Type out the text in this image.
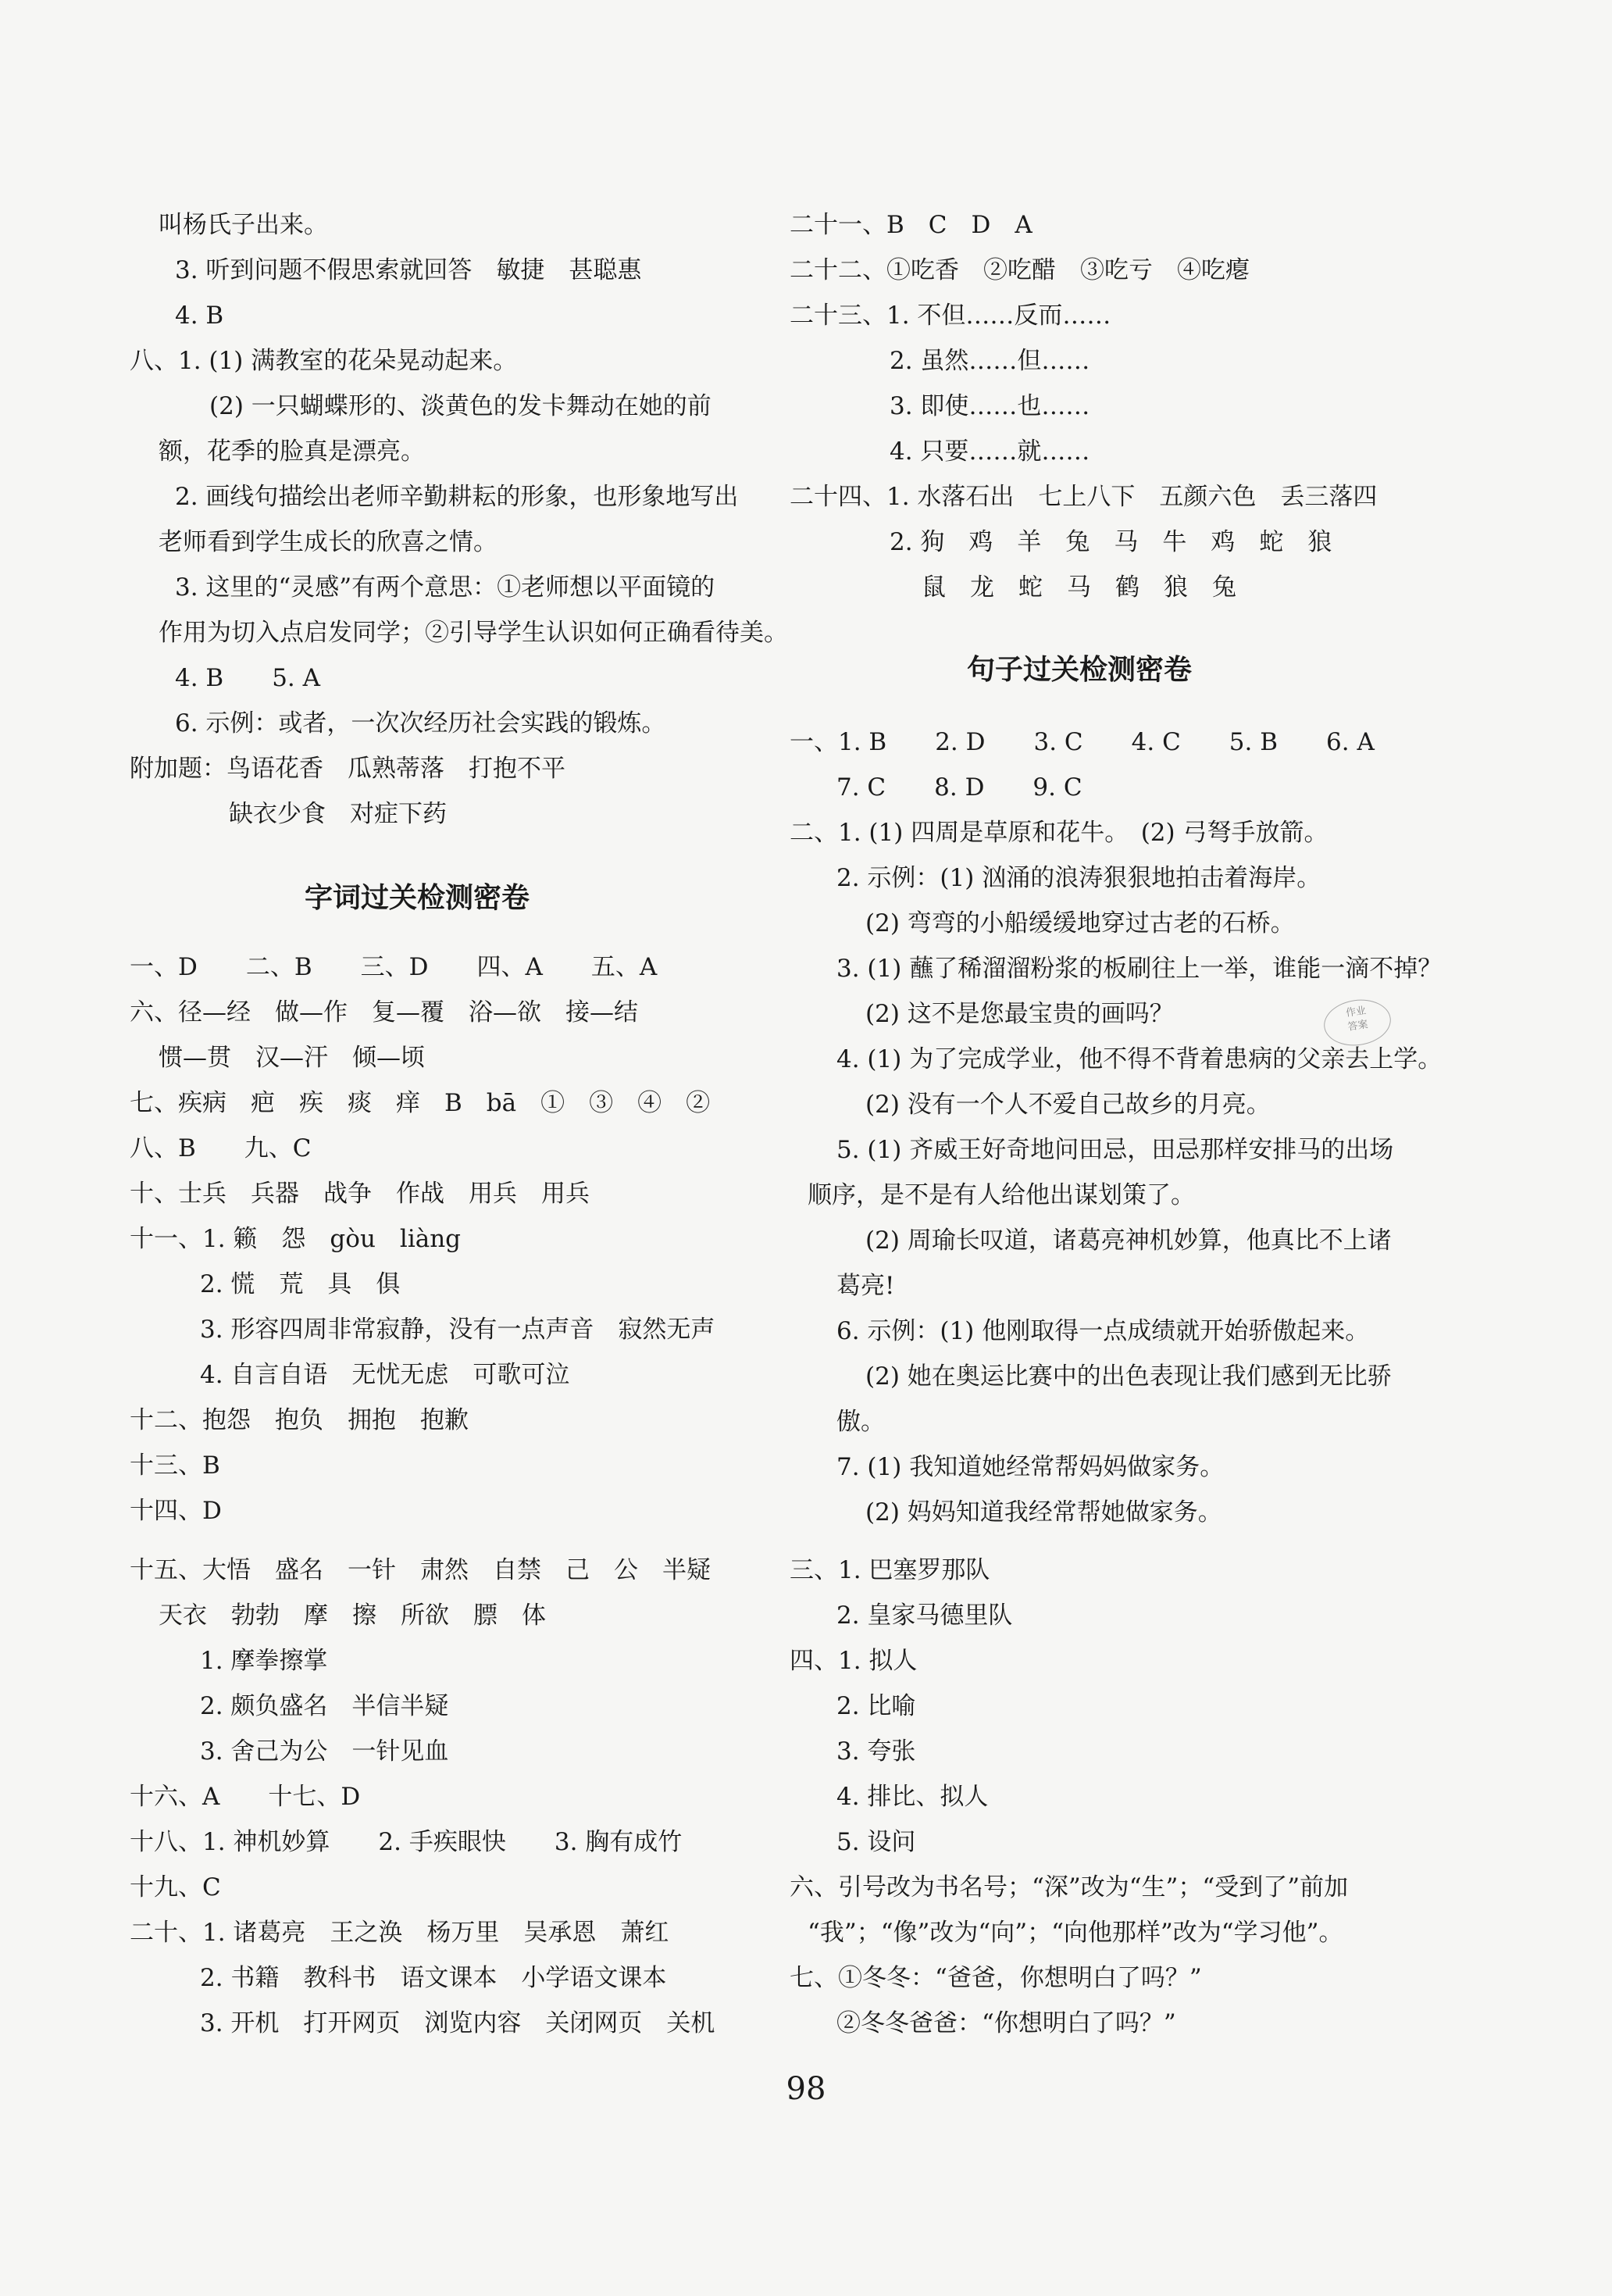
叫杨氏子出来。
3. 听到问题不假思索就回答　敏捷　甚聪惠
4. B
八、1. (1) 满教室的花朵晃动起来。
(2) 一只蝴蝶形的、淡黄色的发卡舞动在她的前
额，花季的脸真是漂亮。
2. 画线句描绘出老师辛勤耕耘的形象，也形象地写出
老师看到学生成长的欣喜之情。
3. 这里的“灵感”有两个意思：①老师想以平面镜的
作用为切入点启发同学；②引导学生认识如何正确看待美。
4. B　　5. A
6. 示例：或者，一次次经历社会实践的锻炼。
附加题：鸟语花香　瓜熟蒂落　打抱不平
缺衣少食　对症下药
字词过关检测密卷
一、D　　二、B　　三、D　　四、A　　五、A
六、径—经　做—作　复—覆　浴—欲　接—结
惯—贯　汉—汗　倾—顷
七、疾病　疤　疾　痰　痒　B　bā　①　③　④　②
八、B　　九、C
十、士兵　兵器　战争　作战　用兵　用兵
十一、1. 籁　怨　gòu　liàng
2. 慌　荒　具　俱
3. 形容四周非常寂静，没有一点声音　寂然无声
4. 自言自语　无忧无虑　可歌可泣
十二、抱怨　抱负　拥抱　抱歉
十三、B
十四、D
十五、大悟　盛名　一针　肃然　自禁　己　公　半疑
天衣　勃勃　摩　擦　所欲　膘　体
1. 摩拳擦掌
2. 颇负盛名　半信半疑
3. 舍己为公　一针见血
十六、A　　十七、D
十八、1. 神机妙算　　2. 手疾眼快　　3. 胸有成竹
十九、C
二十、1. 诸葛亮　王之涣　杨万里　吴承恩　萧红
2. 书籍　教科书　语文课本　小学语文课本
3. 开机　打开网页　浏览内容　关闭网页　关机
二十一、B　C　D　A
二十二、①吃香　②吃醋　③吃亏　④吃瘪
二十三、1. 不但……反而……
2. 虽然……但……
3. 即使……也……
4. 只要……就……
二十四、1. 水落石出　七上八下　五颜六色　丢三落四
2. 狗　鸡　羊　兔　马　牛　鸡　蛇　狼
鼠　龙　蛇　马　鹤　狼　兔
句子过关检测密卷
一、1. B　　2. D　　3. C　　4. C　　5. B　　6. A
7. C　　8. D　　9. C
二、1. (1) 四周是草原和花牛。　(2) 弓弩手放箭。
2. 示例：(1) 汹涌的浪涛狠狠地拍击着海岸。
(2) 弯弯的小船缓缓地穿过古老的石桥。
3. (1) 蘸了稀溜溜粉浆的板刷往上一举，谁能一滴不掉？
(2) 这不是您最宝贵的画吗？
4. (1) 为了完成学业，他不得不背着患病的父亲去上学。
(2) 没有一个人不爱自己故乡的月亮。
5. (1) 齐威王好奇地问田忌，田忌那样安排马的出场
顺序，是不是有人给他出谋划策了。
(2) 周瑜长叹道，诸葛亮神机妙算，他真比不上诸
葛亮!
6. 示例：(1) 他刚取得一点成绩就开始骄傲起来。
(2) 她在奥运比赛中的出色表现让我们感到无比骄
傲。
7. (1) 我知道她经常帮妈妈做家务。
(2) 妈妈知道我经常帮她做家务。
三、1. 巴塞罗那队
2. 皇家马德里队
四、1. 拟人
2. 比喻
3. 夸张
4. 排比、拟人
5. 设问
六、引号改为书名号；“深”改为“生”；“受到了”前加
“我”；“像”改为“向”；“向他那样”改为“学习他”。
七、①冬冬：“爸爸，你想明白了吗？”
②冬冬爸爸：“你想明白了吗？”
作业
答案
98
